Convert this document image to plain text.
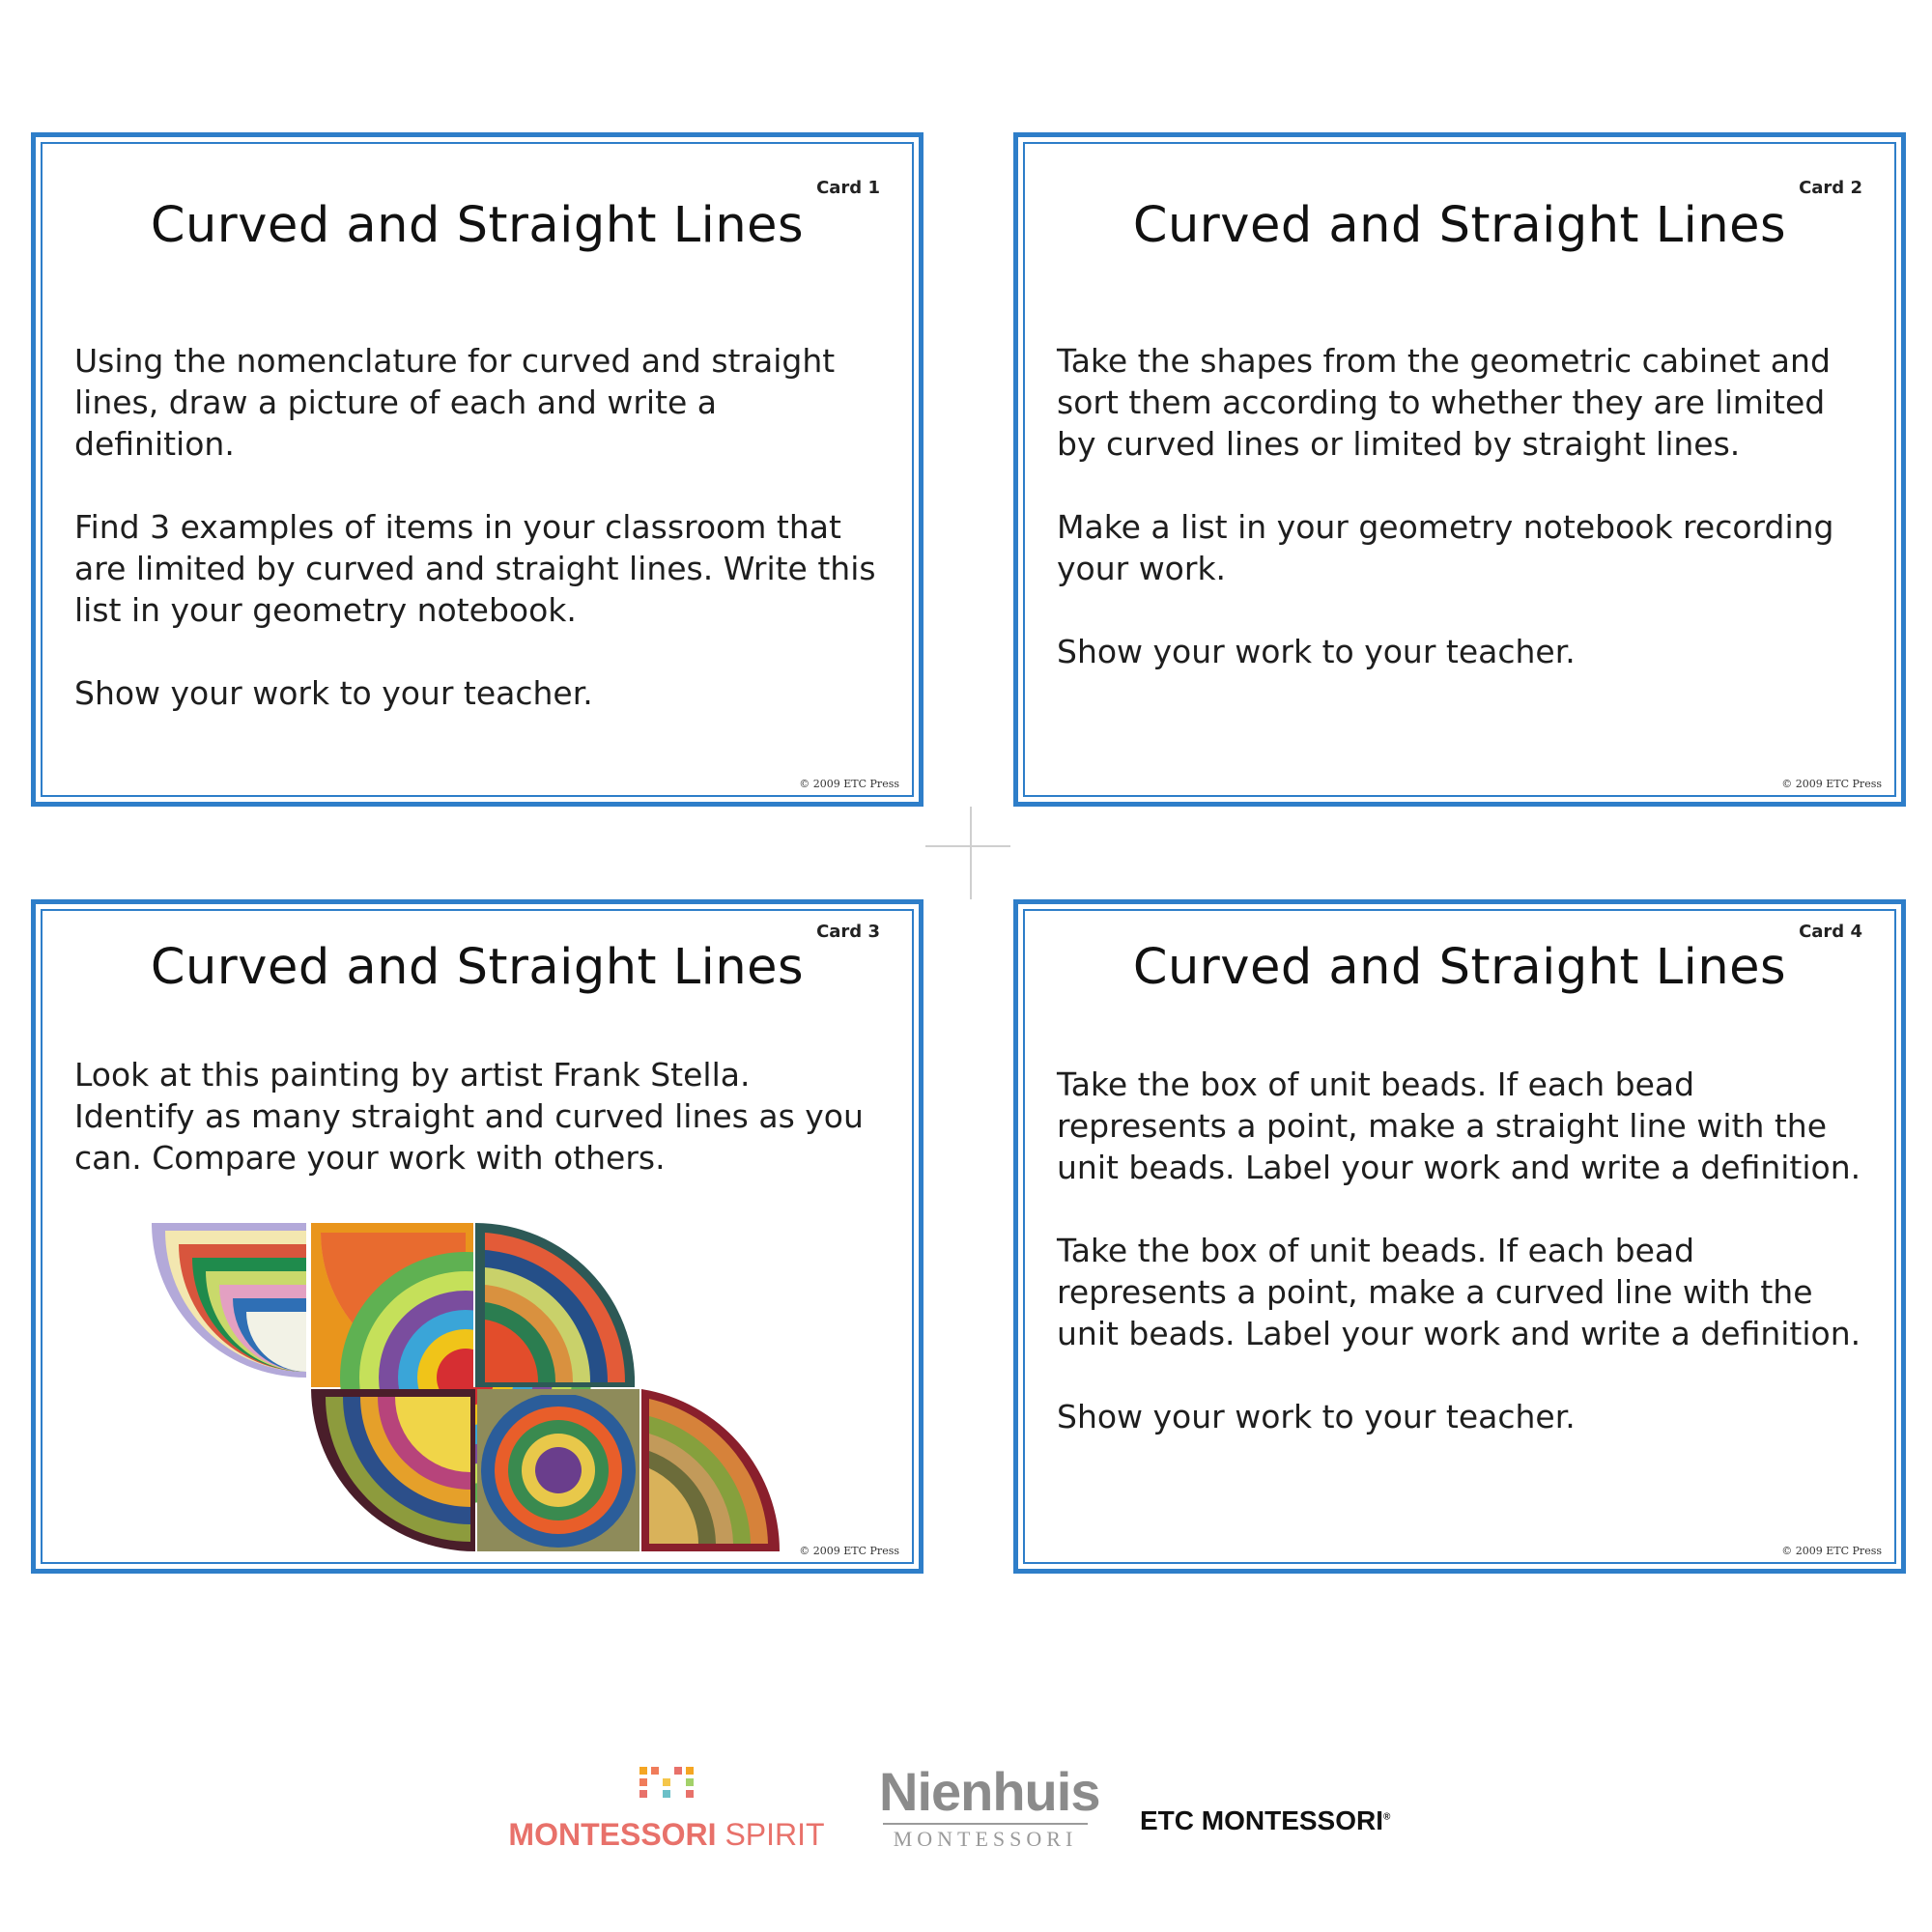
Card 1
Curved and Straight Lines

Using the nomenclature for curved and straight lines, draw a picture of each and write a definition.

Find 3 examples of items in your classroom that are limited by curved and straight lines. Write this list in your geometry notebook.

Show your work to your teacher.

© 2009 ETC Press
Card 2
Curved and Straight Lines

Take the shapes from the geometric cabinet and sort them according to whether they are limited by curved lines or limited by straight lines.

Make a list in your geometry notebook recording your work.

Show your work to your teacher.

© 2009 ETC Press
Card 3
Curved and Straight Lines

Look at this painting by artist Frank Stella. Identify as many straight and curved lines as you can. Compare your work with others.

© 2009 ETC Press
Card 4
Curved and Straight Lines

Take the box of unit beads. If each bead represents a point, make a straight line with the unit beads. Label your work and write a definition.

Take the box of unit beads. If each bead represents a point, make a curved line with the unit beads. Label your work and write a definition.

Show your work to your teacher.

© 2009 ETC Press
MONTESSORI SPIRIT
Nienhuis
MONTESSORI
ETC MONTESSORI®
